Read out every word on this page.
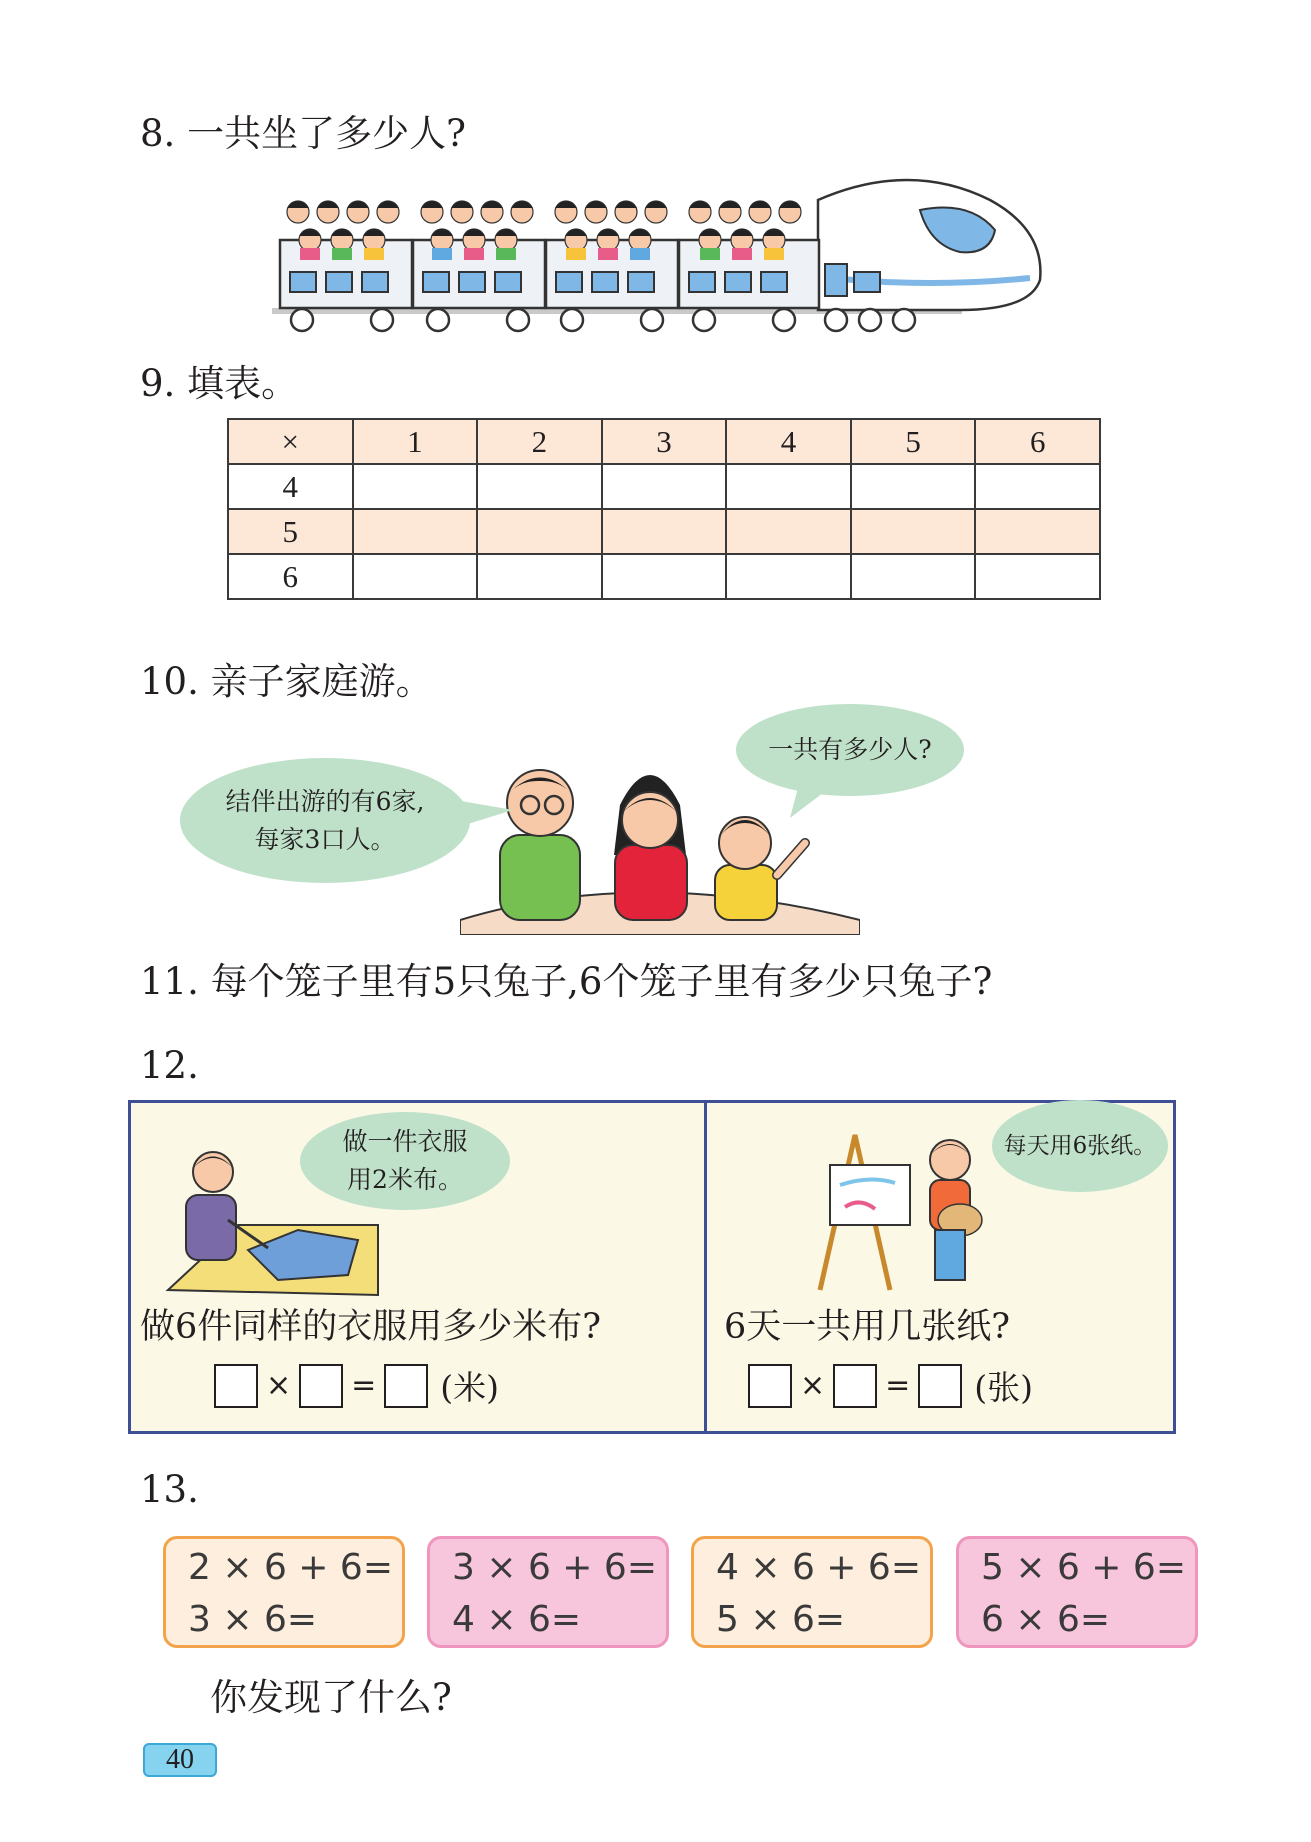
8. 一共坐了多少人?
9. 填表。
×	1	2	3	4	5	6
4						
5						
6						
10. 亲子家庭游。
结伴出游的有6家,
每家3口人。
一共有多少人?
11. 每个笼子里有5只兔子,6个笼子里有多少只兔子?
12.
做一件衣服
用2米布。
做6件同样的衣服用多少米布?
× = (米)
每天用6张纸。
6天一共用几张纸?
× = (张)
13.
2 × 6 + 6=
3 × 6=
3 × 6 + 6=
4 × 6=
4 × 6 + 6=
5 × 6=
5 × 6 + 6=
6 × 6=
你发现了什么?
40
